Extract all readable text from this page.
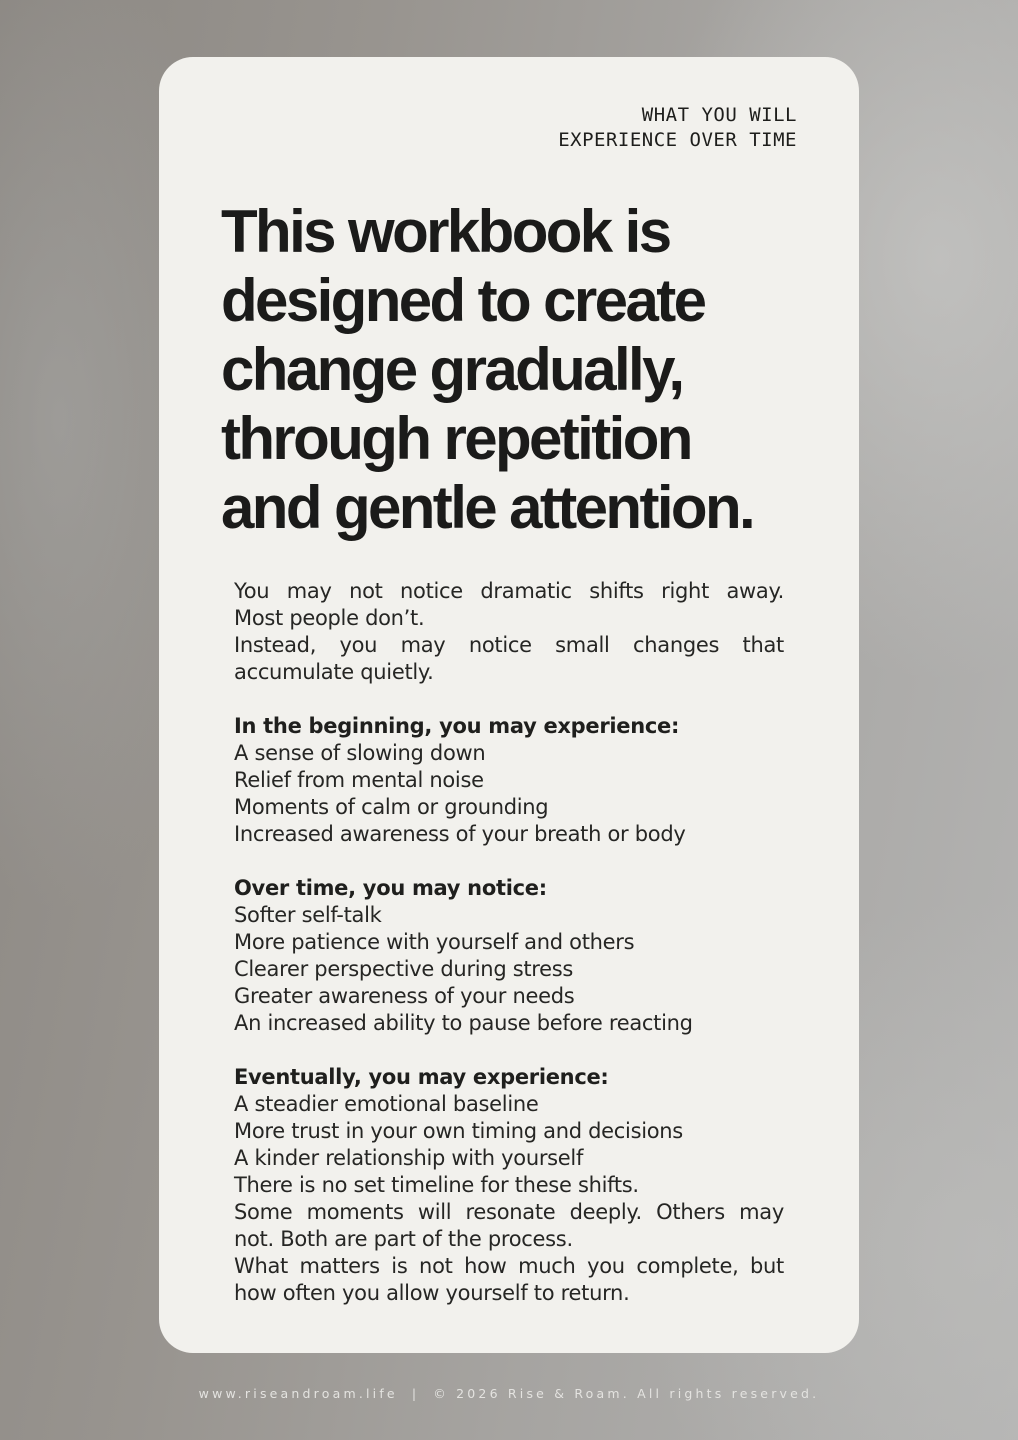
WHAT YOU WILL
EXPERIENCE OVER TIME

This workbook is
designed to create
change gradually,
through repetition
and gentle attention.
You may not notice dramatic shifts right away.
Most people don’t.
Instead, you may notice small changes that
accumulate quietly.
In the beginning, you may experience:
A sense of slowing down
Relief from mental noise
Moments of calm or grounding
Increased awareness of your breath or body
Over time, you may notice:
Softer self-talk
More patience with yourself and others
Clearer perspective during stress
Greater awareness of your needs
An increased ability to pause before reacting
Eventually, you may experience:
A steadier emotional baseline
More trust in your own timing and decisions
A kinder relationship with yourself
There is no set timeline for these shifts.
Some moments will resonate deeply. Others may
not. Both are part of the process.
What matters is not how much you complete, but
how often you allow yourself to return.
www.riseandroam.life | © 2026 Rise & Roam. All rights reserved.
